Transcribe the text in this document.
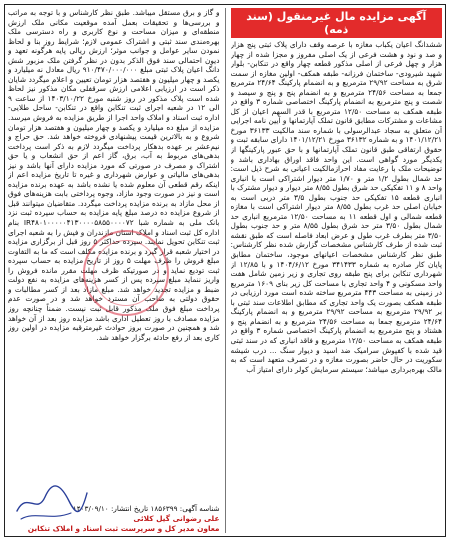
آگهی مزایده مال غیرمنقول (سند ذمه)

ششدانگ اعیان یکباب مغازه با عرصه وقف دارای پلاک ثبتی پنج هزار و صد و نود و هشت فرعی از یک اصلی مفروز و مجزا شده از چهار هزار و چهل فرعی از اصلی مذکور قطعه چهار واقع در تنکابن- بلوار شهید شیرودی- ساختمان فرزانه- طبقه همکف- اولین مغازه از سمت شرق به مساحت ۲۹/۹۲ مترمربع و به انضمام پارکینگ ۲۴/۶۴ مترمربع جمعا به مساحت ۲۴/۵۶ مترمربع و به انضمام پنج و پنج و سیصد و شصت و پنج مترمربع به انضمام پارکینگ اختصاصی شماره ۳ واقع در طبقه همکف به مساحت ۱۲/۵۰ مترمربع با قدر السهم اعیان از کل مشاعات و مشترکات مطابق قانون تملک آپارتمانها و آیین نامه اجرایی آن متعلق به سجاد عبدالرسولی با شماره سند مالکیت ۳۶۱۳۳ مورخ ۱۴۰۱/۱۲/۲۱ و به شماره ۳۶۱۳۲ مورخ ۱۴۰۱/۱۲/۲۱ دارای سابقه ثبت و حقوق ارتفاقی طبق قانون تملک آپارتمانها و با حق عبور پارکینگها از یکدیگر مورد گواهی است. این واحد فاقد اوراق بهاداری باشد و توضیحات ملک با رعایت مفاد احرازمالکیت اعیانی به شرح ذیل است: حد شمال بطول ۱/۲ متر و ۱/۷۰ متر دیوار اشتراکی است با انباری واحد ۸ و ۱۱ تفکیکی حد شرق بطول ۸/۵۵ متر دیوار و دیوار مشترک با انباری قطعه ۱۵ تفکیکی حد جنوب بطول ۳/۵ متر دربی است به خیابان اصلی حد غرب بطول ۸/۵۵ متر دیوار اشتراکی است با مغازه قطعه شمالی و اول قطعه ۱۱ به مساحت ۱۲/۵۰ مترمربع انباری حد شمال بطول ۳/۵۰ متر حد شرق بطول ۸/۵۵ متر و حد جنوب بطول ۳/۵۰ متر بطرف غرب طول و عرض ابعاد فاصله است که طبق نقشه ثبت شده از طرف کارشناس مشخصات گزارش شده نظر کارشناس: طبق نظر کارشناس مشخصات اعیانهای موجود، ساختمان مطابق پایان کار صادره به شماره ۳۴۱۴۳۳ مورخ ۱۴۰۴/۶/۱۲ و با ۱۲/۸۵ از شهرداری تنکابن برای پنج طبقه روی تجاری و زیر زمین شامل هفت واحد مسکونی و ۴ واحد تجاری با مساحت کل زیر بنای ۱۶۰۹ مترمربع در زمینی به مساحت ۴۴۳ مترمربع ساخته شده است مورد ارزیابی در طبقه همکف بصورت یک واحد تجاری که مطابق اطلاعات سند ثبتی با بر ۲۹/۹۲ مترمربع به مساحت ۲۹/۹۲ مترمربع و به انضمام پارکینگ ۲۴/۶۴ مترمربع جمعا به مساحت ۲۴/۵۶ مترمربع و به انضمام پنج و هشتاد و پنج مترمربع به انضمام پارکینگ اختصاصی شماره ۳ واقع در طبقه همکف به مساحت ۱۲/۵۰ مترمربع و فاقد انباری که در سند ثبتی قید شده با کفپوش سرامیک ضد اسید و دیوار سنگ ... درب شیشه سکوریت در حال حاضر بصورت مغازه و در تصرف متعهد است که به مالک بهره‌برداری میباشد؛ سیستم سرمایش کولر دارای امتیاز آب

و گاز و برق مستقل میباشد. طبق نظر کارشناس و با توجه به مراتب و بررسی‌ها و تحقیقات بعمل آمده موقعیت مکانی ملک ارزش منطقه‌ای و میزان مساحت و نوع کاربری و راه دسترسی ملک بهره‌مندی سند ثبتی و اشتراک عمومی لازم؛ شرایط روز بنا و لحاظ نمودن سایر عوامل و جوانب موثر؛ ارزش ریالی پایه هرگونه تعهد و دیون احتمالی سند فوق الذکر بدون در نظر گرفتن ملک مزبور شش دانگ اعیان پلاک ثبتی مبلغ ۹۱۰/۴۷۰/۰۰۰/۰۰۰ ریال معادل نه میلیارد و یکصد و چهار میلیون و هفتصد هزار تومان تعیین و اعلام میگردد شایان ذکر است در ارزیابی اعلامی ارزش سرقفلی مکان مذکور نیز لحاظ شده است پلاک مذکور در روز شنبه مورخ ۱۴۰۳/۱۰/۲۲ از ساعت ۹ الی ۱۲ در شعبه اجرای ثبت تنکابن واقع در تنکابن- ساحل طلایی- اداره ثبت اسناد و املاک واحد اجرا از طریق مزایده به فروش میرسد. مزایده از مبلغ ده میلیارد و یکصد و چهار میلیون و هفتصد هزار تومان شروع و به بالاترین قیمت پیشنهادی فروخته خواهد شد. حق حراج و نیم‌عشر بر عهده بدهکار پرداخت میگردد لازم به ذکر است پرداخت بدهی‌های مربوط به آب، برق، گاز اعم از حق انشعاب و یا حق اشتراک و مصرف در صورتی که مورد مزایده دارای آنها باشد و نیز بدهی‌های مالیاتی و عوارض شهرداری و غیره تا تاریخ مزایده اعم از اینکه رقم قطعی آن معلوم شده یا نشده باشد به عهده برنده مزایده است و نیز در صورت وجود مازاد، وجوه پرداختی بابت هزینه‌های فوق از محل مازاد به برنده مزایده پرداخت میگردد. متقاضیان میتوانند قبل از شروع مزایده ده درصد مبلغ پایه مزایده به حساب سپرده ثبت نزد بانک ملی به شماره شبا IR۴۸۰۱۰۰۰۰۰۴۱۳۰۰۰۰۵۸۵۵۰۰۰۰۷۲ بنام اداره کل ثبت اسناد و املاک استان مازندران و فیش را به شعبه اجرای ثبت تنکابن تحویل نمایند. سپرده حداکثر ۵ روز قبل از برگزاری مزایده در اختیار شعبه قرار گیرد و برنده مزایده مکلف است که ما به التفاوت مبلغ فروش را ظرف مهلت ۵ روز از تاریخ مزایده به حساب سپرده ثبت تودیع نماید و در صورتیکه ظرف مهلت مقرر مانده فروش را واریز ننماید مبلغ سپرده پس از کسر هزینه‌های مزایده به نفع دولت ضبط و مزایده تجدید خواهد شد. مبلغ مازاد بعد از کسر مطالبات و حقوق دولتی به صاحب آن مسترد خواهد شد و در صورت عدم پرداخت مبلغ فوق ملک مذکور قابل ثبت نیست. ضمناً چنانچه روز مزایده مصادف با روز تعطیل اداری باشد مزایده روز بعد از آن خواهد شد و همچنین در صورت بروز حوادث غیرمترقبه مزایده در اولین روز کاری بعد از رفع حادثه برگزار خواهد شد.

شناسه آگهی: ۱۸۵۶۳۹۹ تاریخ انتشار: ۱۴۰۳/۰۹/۱۰
علی رضوانی گیل کلائی
معاون مدیر کل و سرپرست ثبت اسناد و املاک تنکابن
